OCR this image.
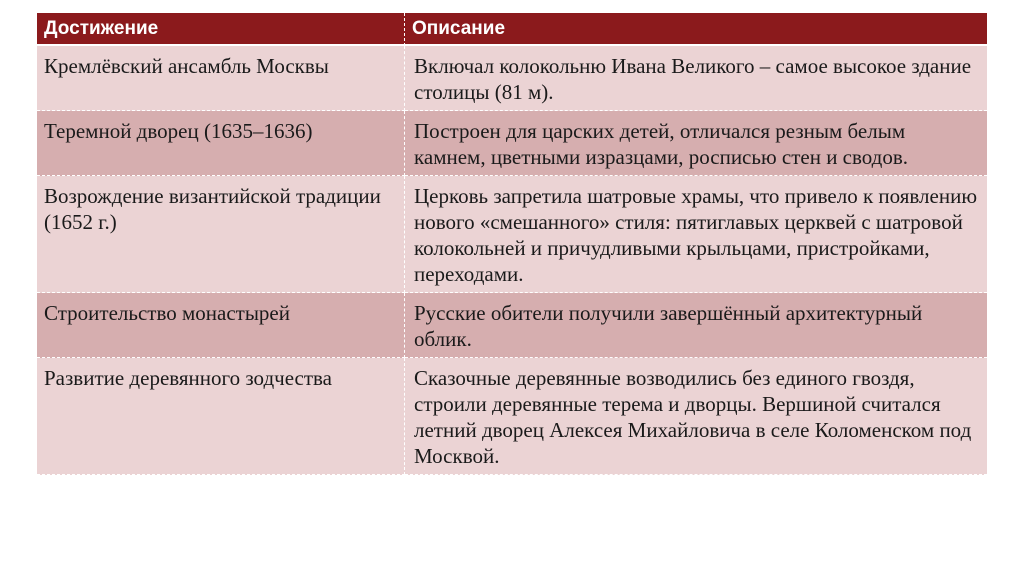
Достижение	Описание
Кремлёвский ансамбль Москвы	Включал колокольню Ивана Великого – самое высокое здание столицы (81 м).
Теремной дворец (1635–1636)	Построен для царских детей, отличался резным белым камнем, цветными изразцами, росписью стен и сводов.
Возрождение византийской традиции (1652 г.)	Церковь запретила шатровые храмы, что привело к появлению нового «смешанного» стиля: пятиглавых церквей с шатровой колокольней и причудливыми крыльцами, пристройками, переходами.
Строительство монастырей	Русские обители получили завершённый архитектурный облик.
Развитие деревянного зодчества	Сказочные деревянные возводились без единого гвоздя, строили деревянные терема и дворцы. Вершиной считался летний дворец Алексея Михайловича в селе Коломенском под Москвой.
